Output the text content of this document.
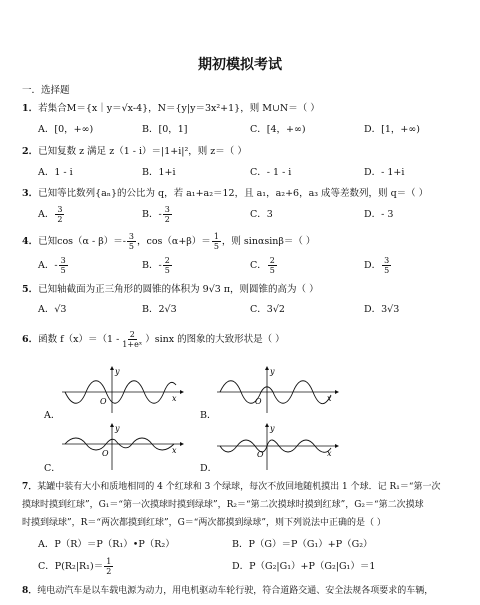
期初模拟考试
一．选择题
1．若集合M＝{x｜y＝√x-4}，N＝{y|y＝3x²+1}，则 M∪N＝（ ）
A．[0，+∞)	B．[0，1]	C．[4，+∞)	D．[1，+∞)
2．已知复数 z 满足 z（1 - i）＝|1+i|²，则 z＝（ ）
A．1 - i	B．1+i	C．- 1 - i	D．- 1+i
3．已知等比数列{aₙ}的公比为 q，若 a₁+a₂＝12，且 a₁，a₂+6，a₃ 成等差数列，则 q＝（ ）
A． $\frac{3}{2}$	B．- $\frac{3}{2}$	C．3	D．- 3
4．已知$\cos(\alpha - \beta)=- \frac{3}{5}$ ，$\cos(\alpha+\beta)= \frac{1}{5}$ ，则 sinαsinβ＝（ ）
A．- $\frac{3}{5}$	B．- $\frac{2}{5}$	C． $\frac{2}{5}$	D． $\frac{3}{5}$
5．已知轴截面为正三角形的圆锥的体积为 9√3 π，则圆锥的高为（ ）
A．√3	B．2√3	C．3√2	D．3√3
6．函数 $f(x)=(1 - \frac{2}{\text{1+eˣ}} )\sin x$ 的图象的大致形状是（ ）
O
y
x
A．
O
y
x
B．
O
y
x
C．
O
y
x
D．
7．某罐中装有大小和质地相同的 4 个红球和 3 个绿球，每次不放回地随机摸出 1 个球．记 R₁＝“第一次
摸球时摸到红球”，G₁＝“第一次摸球时摸到绿球”，R₂＝“第二次摸球时摸到红球”，G₂＝“第二次摸球
时摸到绿球”，R＝“两次都摸到红球”，G＝“两次都摸到绿球”，则下列说法中正确的是（ ）
A．P（R）＝P（R₁）•P（R₂）	B．P（G）＝P（G₁）+P（G₂）
C．$P(R_2|R_1)= \frac{1}{2}$	D．P（G₂|G₁）+P（G₂|G₁）＝1
8．纯电动汽车是以车载电源为动力，用电机驱动车轮行驶，符合道路交通、安全法规各项要求的车辆，
